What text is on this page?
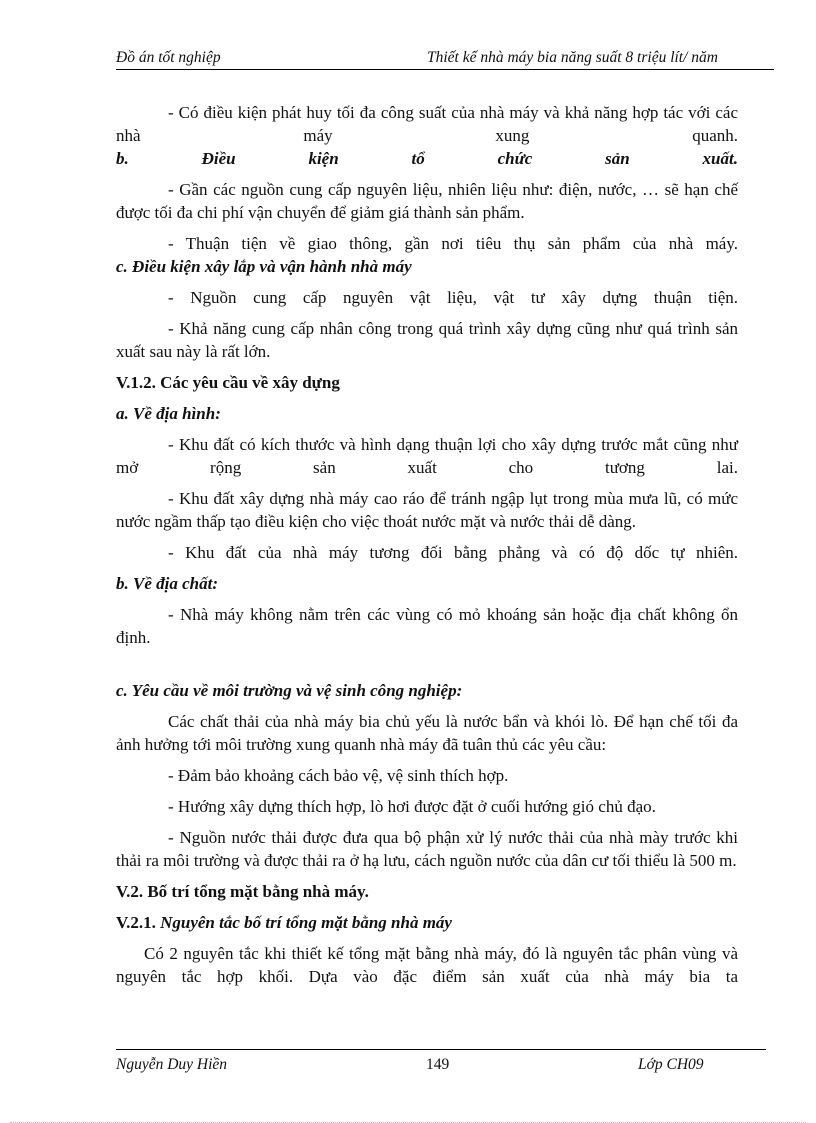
Đồ án tốt nghiệp	Thiết kế nhà máy bia năng suất 8 triệu lít/ năm

- Có điều kiện phát huy tối đa công suất của nhà máy và khả năng hợp tác với các nhà máy xung quanh.

b. Điều kiện tổ chức sản xuất.

- Gần các nguồn cung cấp nguyên liệu, nhiên liệu như: điện, nước, … sẽ hạn chế được tối đa chi phí vận chuyển để giảm giá thành sản phẩm.

- Thuận tiện về giao thông, gần nơi tiêu thụ sản phẩm của nhà máy.

c. Điều kiện xây lắp và vận hành nhà máy

- Nguồn cung cấp nguyên vật liệu, vật tư xây dựng thuận tiện.

- Khả năng cung cấp nhân công trong quá trình xây dựng cũng như quá trình sản xuất sau này là rất lớn.

V.1.2. Các yêu cầu về xây dựng

a. Về địa hình:

- Khu đất có kích thước và hình dạng thuận lợi cho xây dựng trước mắt cũng như mở rộng sản xuất cho tương lai.

- Khu đất xây dựng nhà máy cao ráo để tránh ngập lụt trong mùa mưa lũ, có mức nước ngầm thấp tạo điều kiện cho việc thoát nước mặt và nước thải dễ dàng.

- Khu đất của nhà máy tương đối bằng phẳng và có độ dốc tự nhiên.

b. Về địa chất:

- Nhà máy không nằm trên các vùng có mỏ khoáng sản hoặc địa chất không ổn định.

c. Yêu cầu về môi trường và vệ sinh công nghiệp:

Các chất thải của nhà máy bia chủ yếu là nước bẩn và khói lò. Để hạn chế tối đa ảnh hưởng tới môi trường xung quanh nhà máy đã tuân thủ các yêu cầu:

- Đảm bảo khoảng cách bảo vệ, vệ sinh thích hợp.

- Hướng xây dựng thích hợp, lò hơi được đặt ở cuối hướng gió chủ đạo.

- Nguồn nước thải được đưa qua bộ phận xử lý nước thải của nhà mày trước khi thải ra môi trường và được thải ra ở hạ lưu, cách nguồn nước của dân cư tối thiểu là 500 m.

V.2. Bố trí tổng mặt bằng nhà máy.

V.2.1. Nguyên tắc bố trí tổng mặt bằng nhà máy

Có 2 nguyên tắc khi thiết kế tổng mặt bằng nhà máy, đó là nguyên tắc phân vùng và nguyên tắc hợp khối. Dựa vào đặc điểm sản xuất của nhà máy bia ta

Nguyễn Duy Hiền	149	Lớp CH09
